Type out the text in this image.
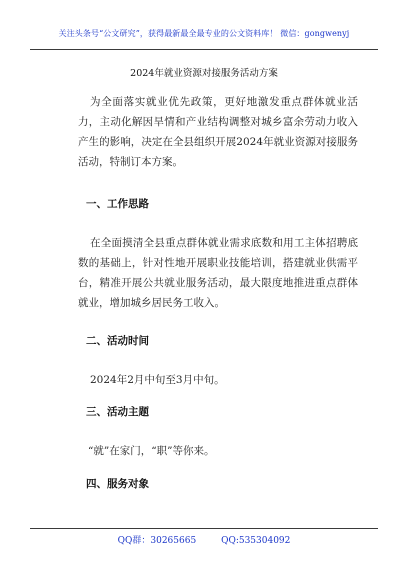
关注头条号“公文研究”，获得最新最全最专业的公文资料库！ 微信：gongwenyj
2024年就业资源对接服务活动方案

为全面落实就业优先政策，更好地激发重点群体就业活力，主动化解因旱情和产业结构调整对城乡富余劳动力收入产生的影响，决定在全县组织开展2024年就业资源对接服务活动，特制订本方案。

一、工作思路

在全面摸清全县重点群体就业需求底数和用工主体招聘底数的基础上，针对性地开展职业技能培训，搭建就业供需平台，精准开展公共就业服务活动，最大限度地推进重点群体就业，增加城乡居民务工收入。

二、活动时间

2024年2月中旬至3月中旬。

三、活动主题

“就”在家门，“职”等你来。

四、服务对象
QQ群：30265665	QQ:535304092
